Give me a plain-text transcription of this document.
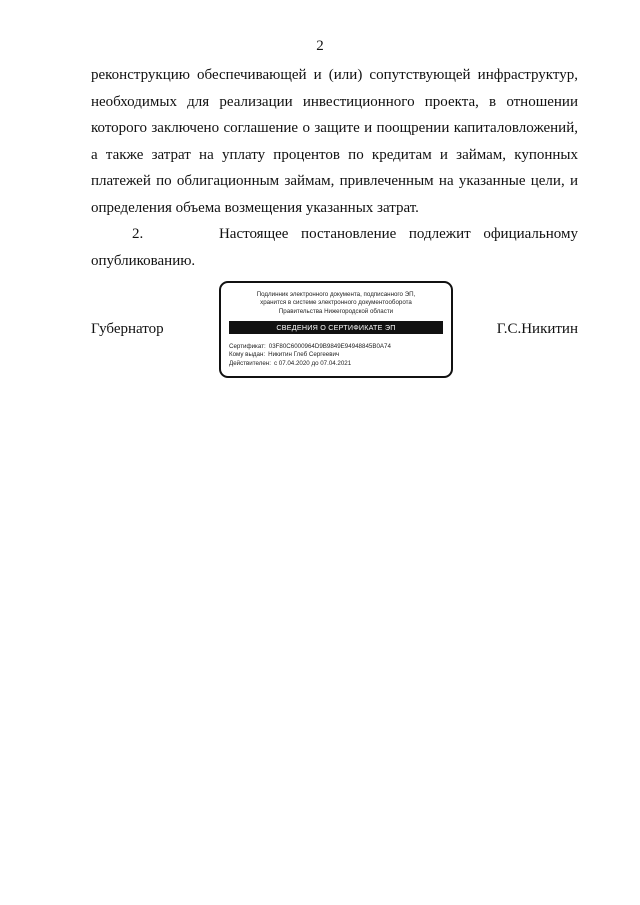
2

реконструкцию обеспечивающей и (или) сопутствующей инфраструктур, необходимых для реализации инвестиционного проекта, в отношении которого заключено соглашение о защите и поощрении капиталовложений, а также затрат на уплату процентов по кредитам и займам, купонных платежей по облигационным займам, привлеченным на указанные цели, и определения объема возмещения указанных затрат.

2.      Настоящее постановление подлежит официальному опубликованию.

Губернатор
Подлинник электронного документа, подписанного ЭП,
хранится в системе электронного документооборота
Правительства Нижегородской области
СВЕДЕНИЯ О СЕРТИФИКАТЕ ЭП
Сертификат: 03F80C6000964D9B9849E94948845B0A74
Кому выдан: Никитин Глеб Сергеевич
Действителен: с 07.04.2020 до 07.04.2021
Г.С.Никитин
